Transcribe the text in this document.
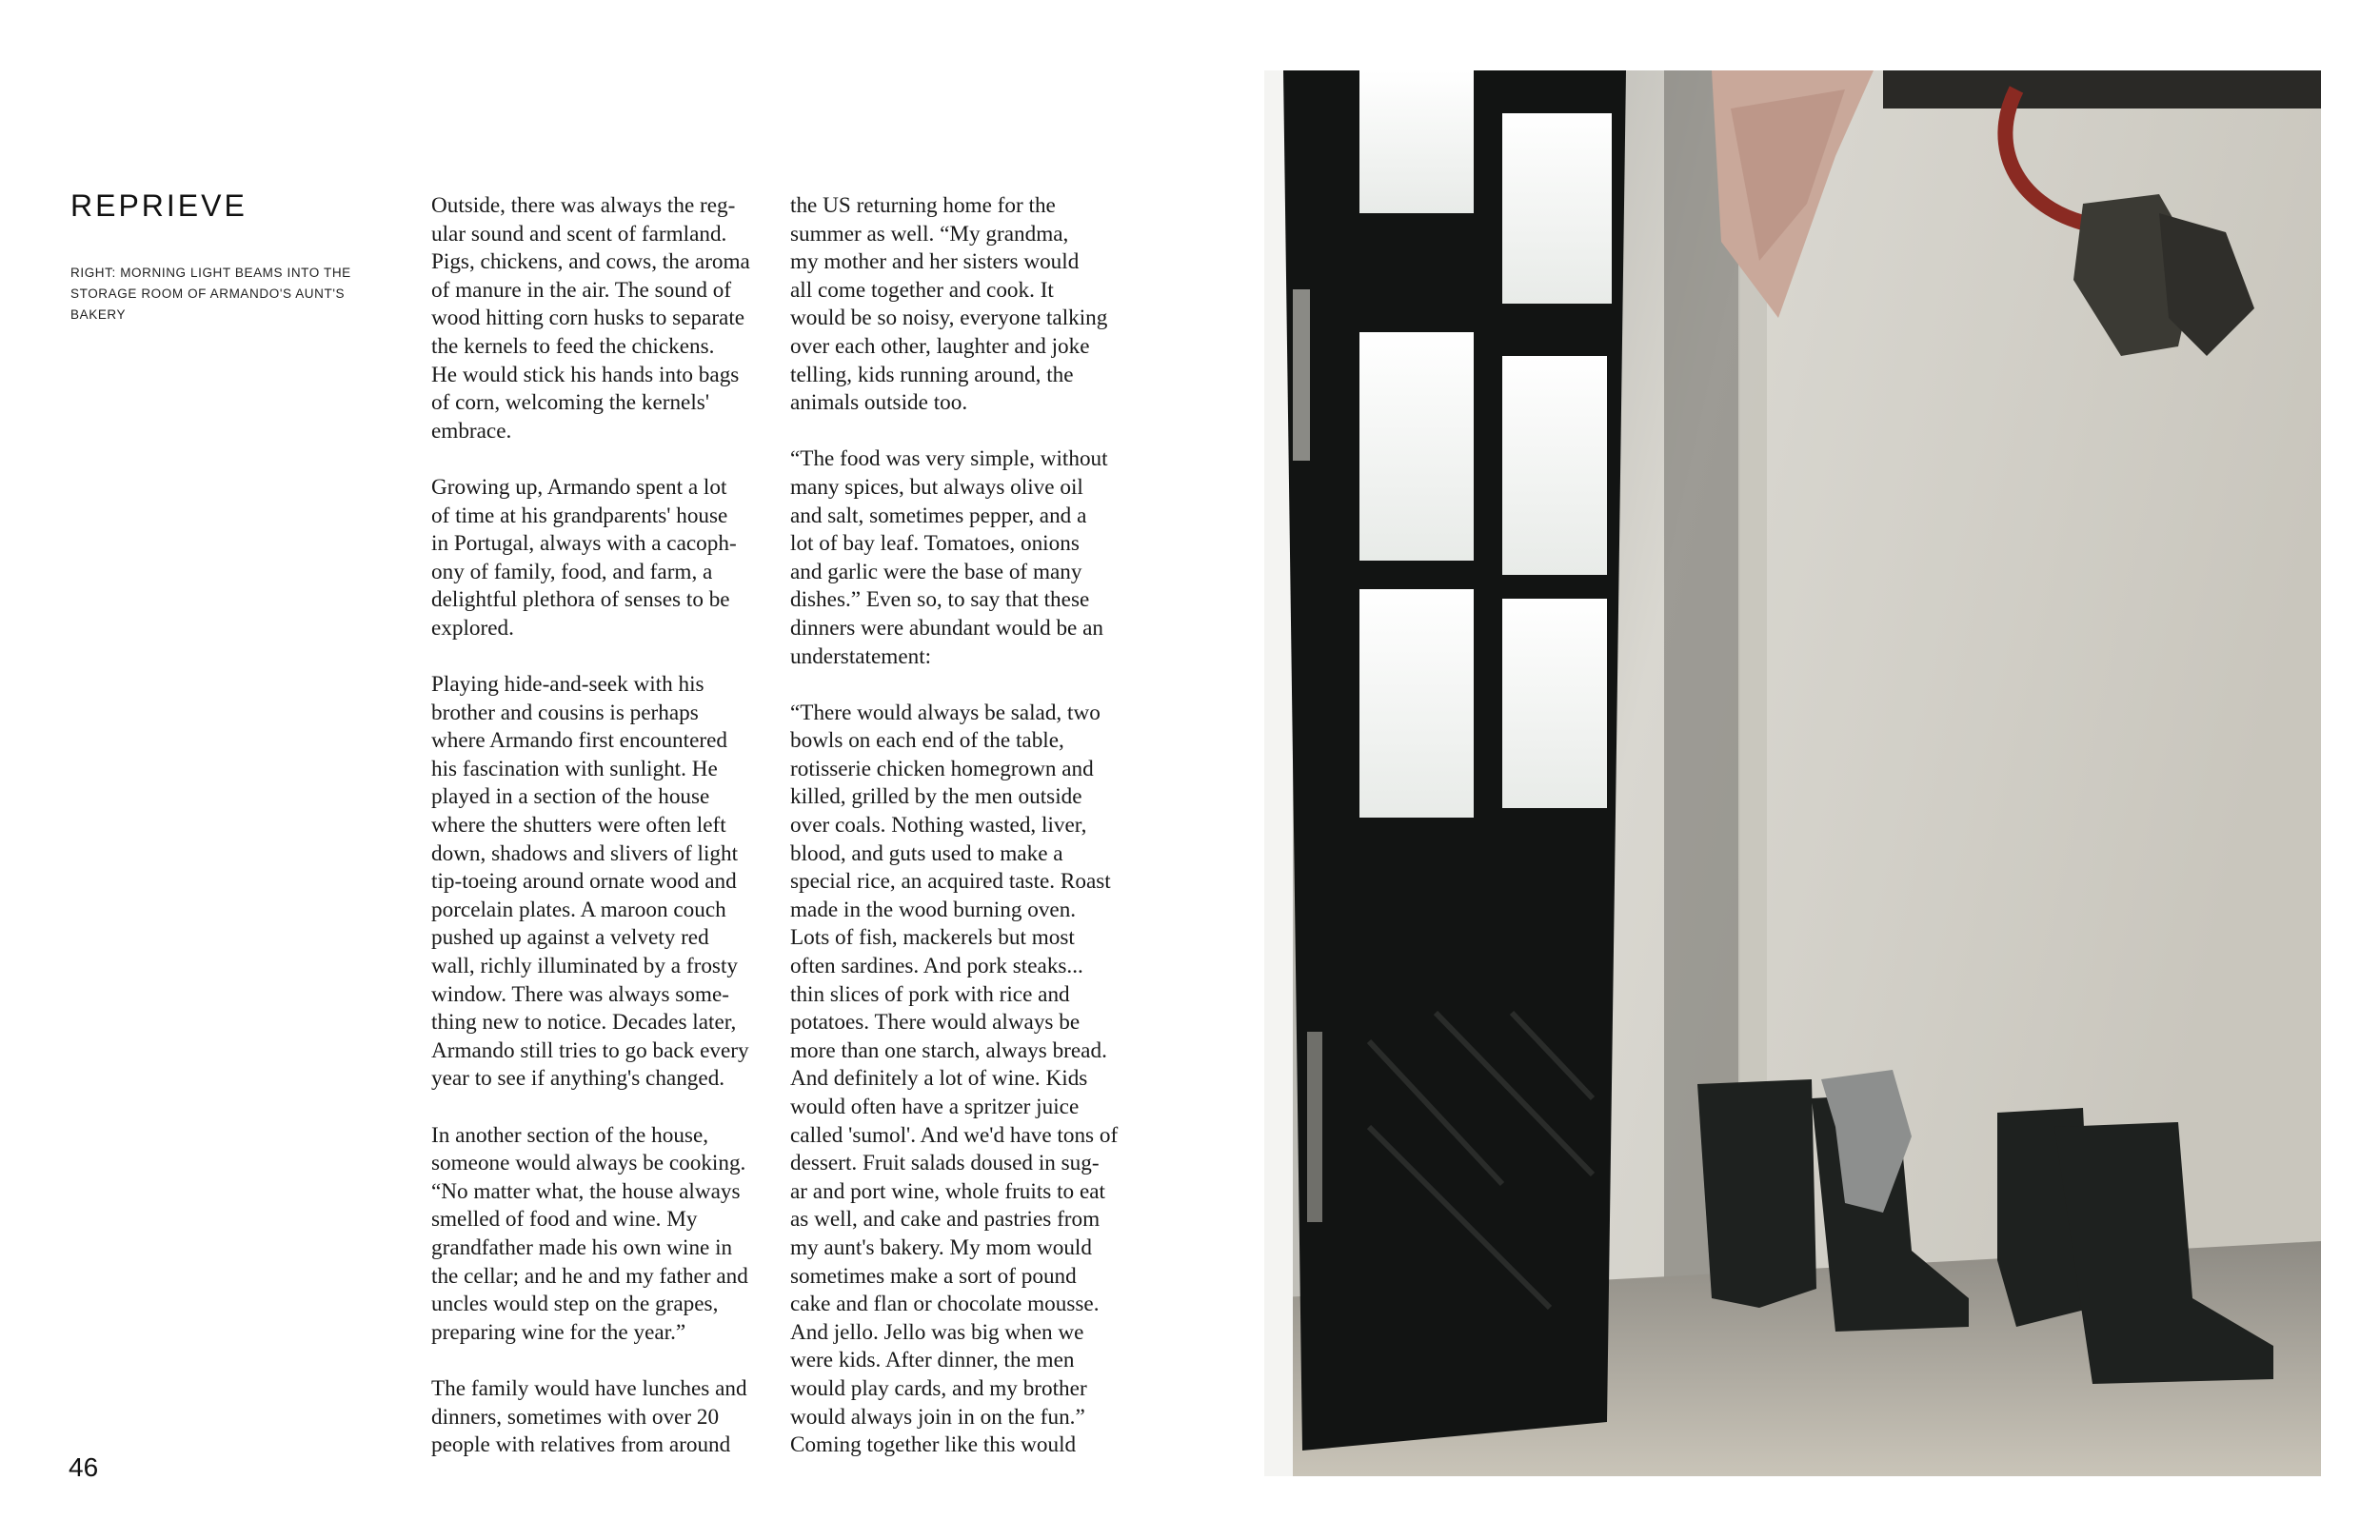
REPRIEVE
RIGHT: MORNING LIGHT BEAMS INTO THE STORAGE ROOM OF ARMANDO'S AUNT'S BAKERY
Outside, there was always the reg-
ular sound and scent of farmland.
Pigs, chickens, and cows, the aroma
of manure in the air. The sound of
wood hitting corn husks to separate
the kernels to feed the chickens.
He would stick his hands into bags
of corn, welcoming the kernels'
embrace.
Growing up, Armando spent a lot
of time at his grandparents' house
in Portugal, always with a cacoph-
ony of family, food, and farm, a
delightful plethora of senses to be
explored.
Playing hide-and-seek with his
brother and cousins is perhaps
where Armando first encountered
his fascination with sunlight. He
played in a section of the house
where the shutters were often left
down, shadows and slivers of light
tip-toeing around ornate wood and
porcelain plates. A maroon couch
pushed up against a velvety red
wall, richly illuminated by a frosty
window. There was always some-
thing new to notice. Decades later,
Armando still tries to go back every
year to see if anything's changed.
In another section of the house,
someone would always be cooking.
“No matter what, the house always
smelled of food and wine. My
grandfather made his own wine in
the cellar; and he and my father and
uncles would step on the grapes,
preparing wine for the year.”
The family would have lunches and
dinners, sometimes with over 20
people with relatives from around
the US returning home for the
summer as well. “My grandma,
my mother and her sisters would
all come together and cook. It
would be so noisy, everyone talking
over each other, laughter and joke
telling, kids running around, the
animals outside too.
“The food was very simple, without
many spices, but always olive oil
and salt, sometimes pepper, and a
lot of bay leaf. Tomatoes, onions
and garlic were the base of many
dishes.” Even so, to say that these
dinners were abundant would be an
understatement:
“There would always be salad, two
bowls on each end of the table,
rotisserie chicken homegrown and
killed, grilled by the men outside
over coals. Nothing wasted, liver,
blood, and guts used to make a
special rice, an acquired taste. Roast
made in the wood burning oven.
Lots of fish, mackerels but most
often sardines. And pork steaks...
thin slices of pork with rice and
potatoes. There would always be
more than one starch, always bread.
And definitely a lot of wine. Kids
would often have a spritzer juice
called 'sumol'. And we'd have tons of
dessert. Fruit salads doused in sug-
ar and port wine, whole fruits to eat
as well, and cake and pastries from
my aunt's bakery. My mom would
sometimes make a sort of pound
cake and flan or chocolate mousse.
And jello. Jello was big when we
were kids. After dinner, the men
would play cards, and my brother
would always join in on the fun.”
Coming together like this would
46
